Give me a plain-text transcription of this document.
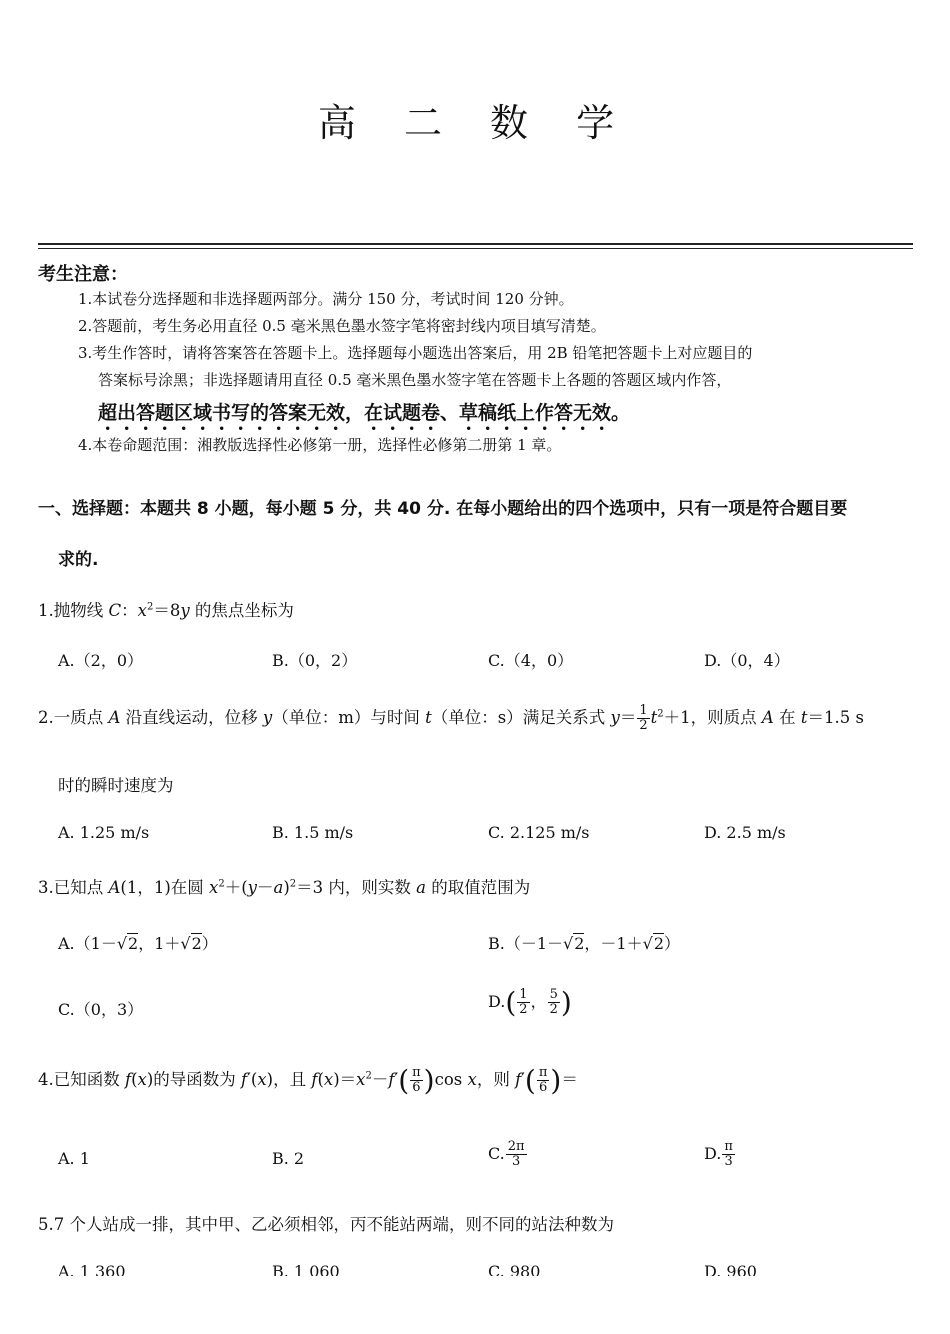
高 二 数 学
考生注意：
1.本试卷分选择题和非选择题两部分。满分 150 分，考试时间 120 分钟。
2.答题前，考生务必用直径 0.5 毫米黑色墨水签字笔将密封线内项目填写清楚。
3.考生作答时，请将答案答在答题卡上。选择题每小题选出答案后，用 2B 铅笔把答题卡上对应题目的
答案标号涂黑；非选择题请用直径 0.5 毫米黑色墨水签字笔在答题卡上各题的答题区域内作答，
超出答题区域书写的答案无效，在试题卷、草稿纸上作答无效。
4.本卷命题范围：湘教版选择性必修第一册，选择性必修第二册第 1 章。
一、选择题：本题共 8 小题，每小题 5 分，共 40 分. 在每小题给出的四个选项中，只有一项是符合题目要
求的.
1.抛物线 C：$x^2=8y$ 的焦点坐标为
A.（2，0）	B.（0，2）	C.（4，0）	D.（0，4）
2.一质点 A 沿直线运动，位移 y（单位：m）与时间 t（单位：s）满足关系式 $y= \frac{1}{2} t^2+1$，则质点 A 在 t＝1.5 s
时的瞬时速度为
A. 1.25 m/s	B. 1.5 m/s	C. 2.125 m/s	D. 2.5 m/s
3.已知点 A(1，1)在圆 $x^2+(y-a)^2=3$ 内，则实数 a 的取值范围为
A.（1－√2，1＋√2）	B.（－1－√2，－1＋√2）
C.（0，3）	$D.( \frac{1}{2}$ ， $\frac{5}{2}$ )
4.已知函数 f(x)的导函数为 f′(x)，且 $f(x)=x^2-f'( \frac{\pi}{6} )\cos$ x，则 $f'( \frac{\pi}{6}$ )＝
A. 1	B. 2	C. $\frac{2\pi}{3}$	D. $\frac{\pi}{3}$
5.7 个人站成一排，其中甲、乙必须相邻，丙不能站两端，则不同的站法种数为
A. 1 360	B. 1 060	C. 980	D. 960
